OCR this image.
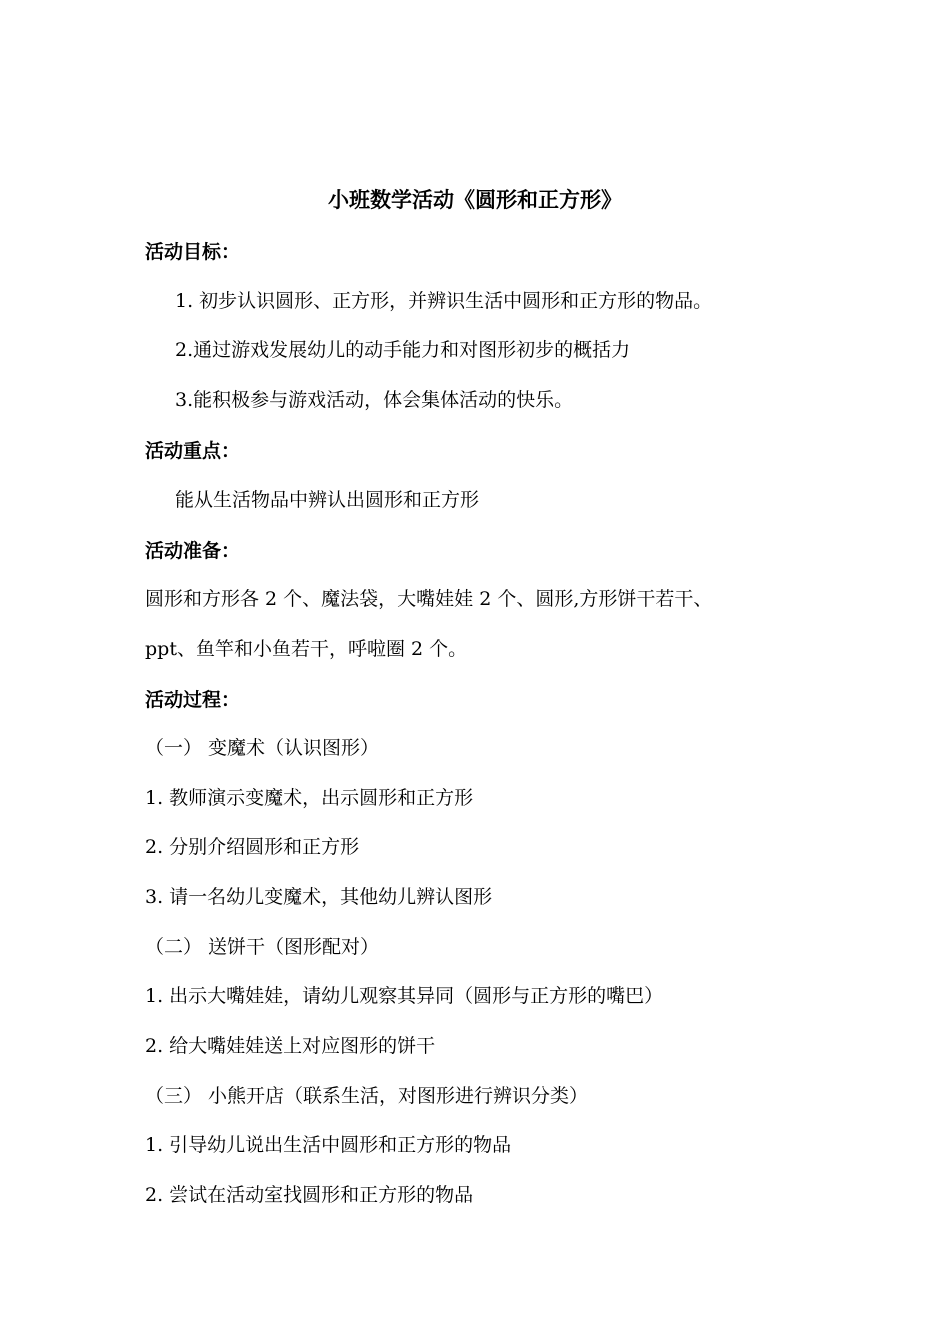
小班数学活动《圆形和正方形》
活动目标：
1. 初步认识圆形、正方形，并辨识生活中圆形和正方形的物品。
2.通过游戏发展幼儿的动手能力和对图形初步的概括力
3.能积极参与游戏活动，体会集体活动的快乐。
活动重点：
能从生活物品中辨认出圆形和正方形
活动准备：
圆形和方形各 2 个、魔法袋，大嘴娃娃 2 个、圆形,方形饼干若干、
ppt、鱼竿和小鱼若干，呼啦圈 2 个。
活动过程：
（一） 变魔术（认识图形）
1. 教师演示变魔术，出示圆形和正方形
2. 分别介绍圆形和正方形
3. 请一名幼儿变魔术，其他幼儿辨认图形
（二） 送饼干（图形配对）
1. 出示大嘴娃娃，请幼儿观察其异同（圆形与正方形的嘴巴）
2. 给大嘴娃娃送上对应图形的饼干
（三） 小熊开店（联系生活，对图形进行辨识分类）
1. 引导幼儿说出生活中圆形和正方形的物品
2. 尝试在活动室找圆形和正方形的物品
